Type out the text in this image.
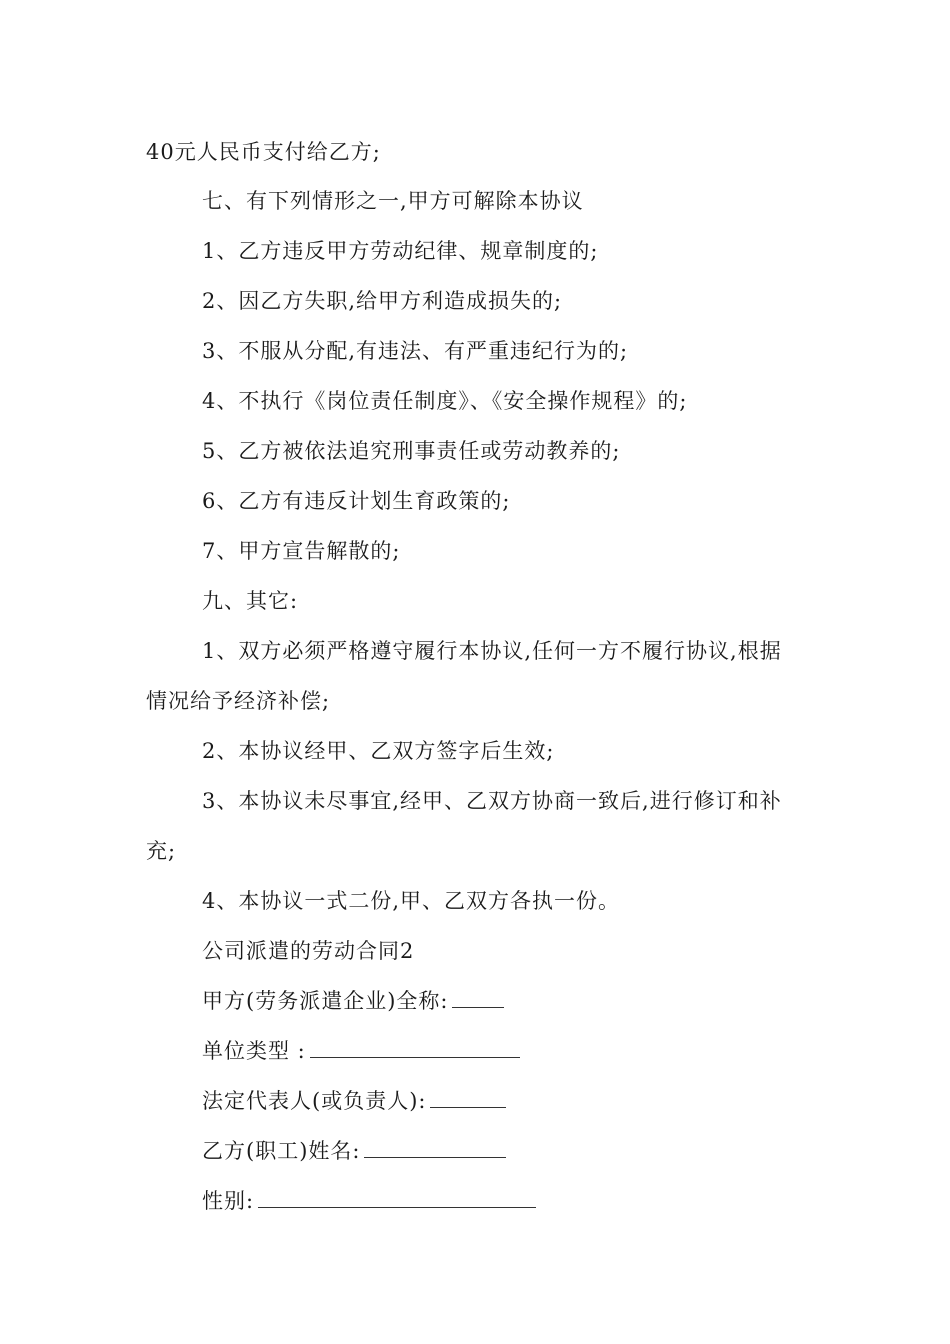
40元人民币支付给乙方;
七、有下列情形之一,甲方可解除本协议
1、乙方违反甲方劳动纪律、规章制度的;
2、因乙方失职,给甲方利造成损失的;
3、不服从分配,有违法、有严重违纪行为的;
4、不执行《岗位责任制度》、《安全操作规程》的;
5、乙方被依法追究刑事责任或劳动教养的;
6、乙方有违反计划生育政策的;
7、甲方宣告解散的;
九、其它:
1、双方必须严格遵守履行本协议,任何一方不履行协议,根据
情况给予经济补偿;
2、本协议经甲、乙双方签字后生效;
3、本协议未尽事宜,经甲、乙双方协商一致后,进行修订和补
充;
4、本协议一式二份,甲、乙双方各执一份。
公司派遣的劳动合同2
甲方(劳务派遣企业)全称:
单位类型 :
法定代表人(或负责人):
乙方(职工)姓名:
性别:
